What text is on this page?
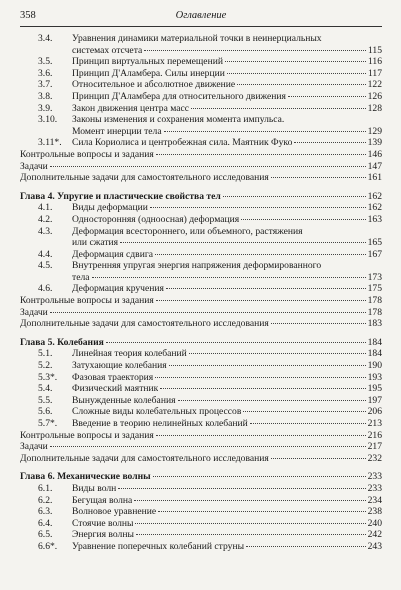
358	Оглавление
3.4.	Уравнения динамики материальной точки в неинерциальных
системах отсчета	115
3.5.	Принцип виртуальных перемещений	116
3.6.	Принцип Д'Аламбера. Силы инерции	117
3.7.	Относительное и абсолютное движение	122
3.8.	Принцип Д'Аламбера для относительного движения	126
3.9.	Закон движения центра масс	128
3.10.	Законы изменения и сохранения момента импульса.
Момент инерции тела	129
3.11*.	Сила Кориолиса и центробежная сила. Маятник Фуко	139
Контрольные вопросы и задания	146
Задачи	147
Дополнительные задачи для самостоятельного исследования	161
Глава 4. Упругие и пластические свойства тел	162
4.1.	Виды деформации	162
4.2.	Односторонняя (одноосная) деформация	163
4.3.	Деформация всестороннего, или объемного, растяжения
или сжатия	165
4.4.	Деформация сдвига	167
4.5.	Внутренняя упругая энергия напряжения деформированного
тела	173
4.6.	Деформация кручения	175
Контрольные вопросы и задания	178
Задачи	178
Дополнительные задачи для самостоятельного исследования	183
Глава 5. Колебания	184
5.1.	Линейная теория колебаний	184
5.2.	Затухающие колебания	190
5.3*.	Фазовая траектория	193
5.4.	Физический маятник	195
5.5.	Вынужденные колебания	197
5.6.	Сложные виды колебательных процессов	206
5.7*.	Введение в теорию нелинейных колебаний	213
Контрольные вопросы и задания	216
Задачи	217
Дополнительные задачи для самостоятельного исследования	232
Глава 6. Механические волны	233
6.1.	Виды волн	233
6.2.	Бегущая волна	234
6.3.	Волновое уравнение	238
6.4.	Стоячие волны	240
6.5.	Энергия волны	242
6.6*.	Уравнение поперечных колебаний струны	243
